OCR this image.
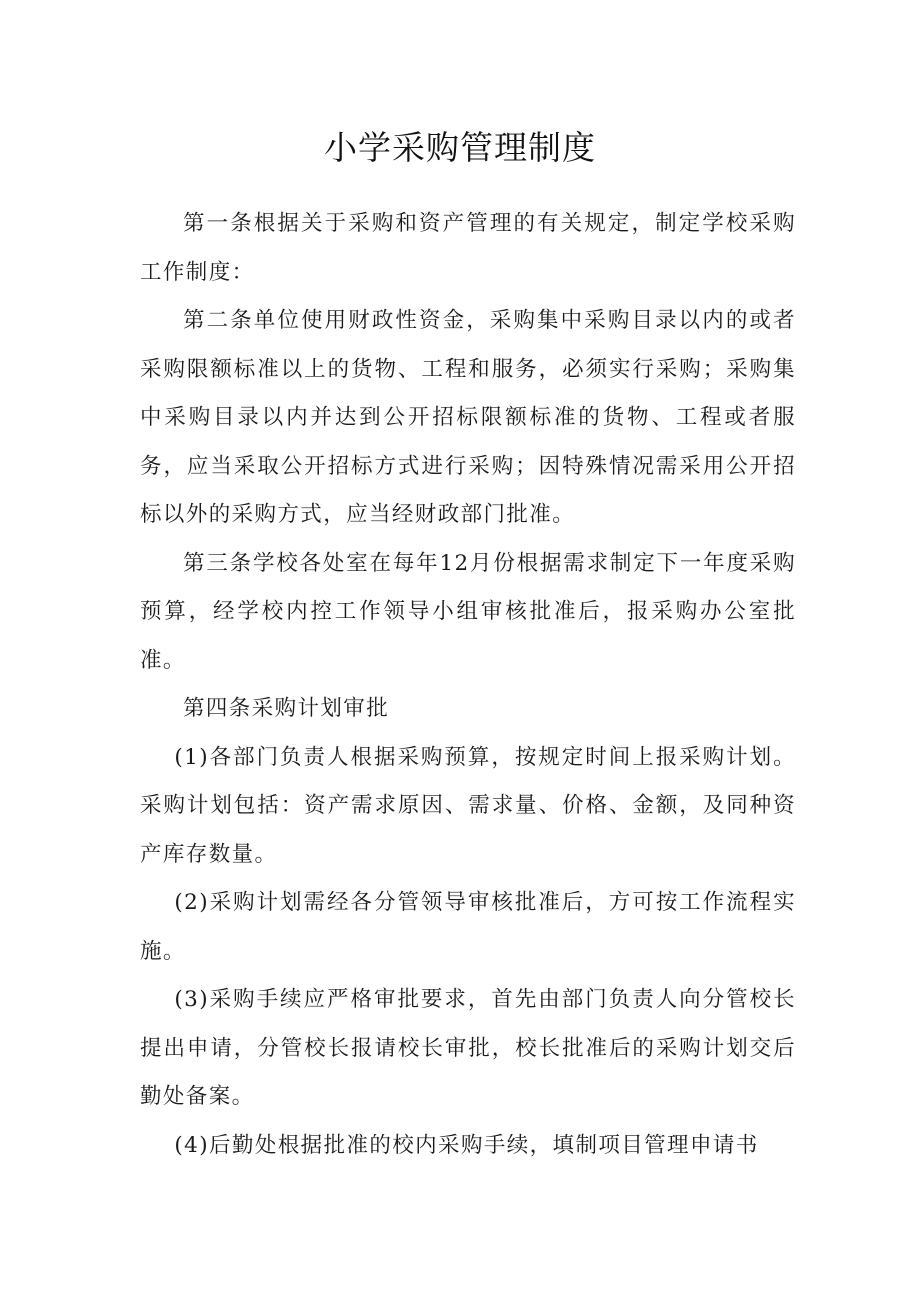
小学采购管理制度

第一条根据关于采购和资产管理的有关规定，制定学校采购工作制度：

第二条单位使用财政性资金，采购集中采购目录以内的或者采购限额标准以上的货物、工程和服务，必须实行采购；采购集中采购目录以内并达到公开招标限额标准的货物、工程或者服务，应当采取公开招标方式进行采购；因特殊情况需采用公开招标以外的采购方式，应当经财政部门批准。

第三条学校各处室在每年12月份根据需求制定下一年度采购预算，经学校内控工作领导小组审核批准后，报采购办公室批准。

第四条采购计划审批

(1)各部门负责人根据采购预算，按规定时间上报采购计划。采购计划包括：资产需求原因、需求量、价格、金额，及同种资产库存数量。

(2)采购计划需经各分管领导审核批准后，方可按工作流程实施。

(3)采购手续应严格审批要求，首先由部门负责人向分管校长提出申请，分管校长报请校长审批，校长批准后的采购计划交后勤处备案。

(4)后勤处根据批准的校内采购手续，填制项目管理申请书
